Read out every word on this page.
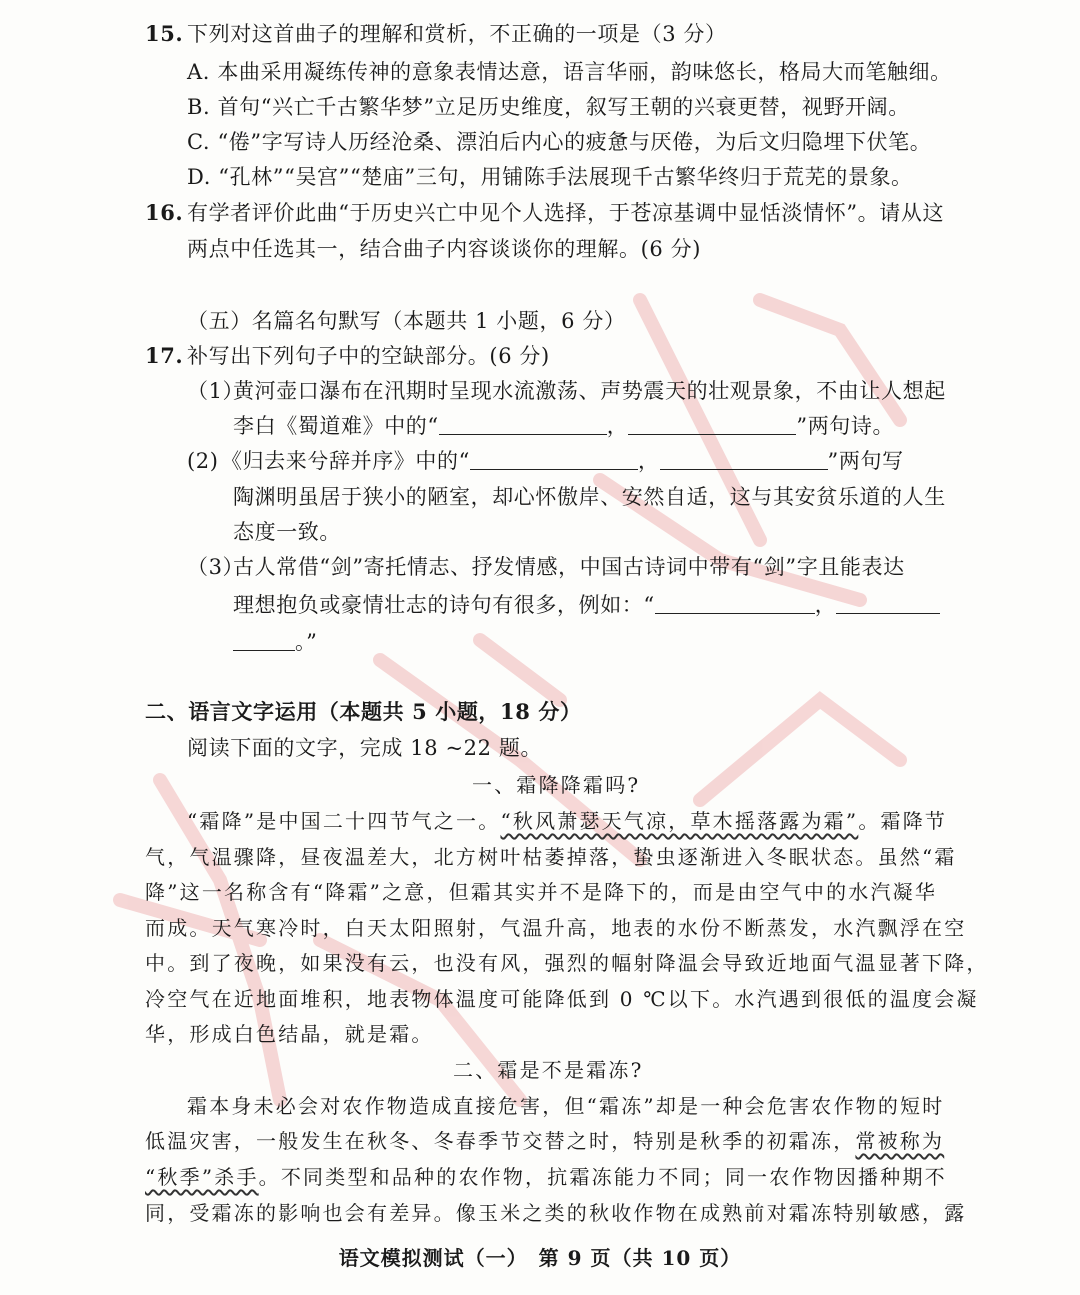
15. 下列对这首曲子的理解和赏析，不正确的一项是（3 分）
A. 本曲采用凝练传神的意象表情达意，语言华丽，韵味悠长，格局大而笔触细。
B. 首句“兴亡千古繁华梦”立足历史维度，叙写王朝的兴衰更替，视野开阔。
C. “倦”字写诗人历经沧桑、漂泊后内心的疲惫与厌倦，为后文归隐埋下伏笔。
D. “孔林”“吴宫”“楚庙”三句，用铺陈手法展现千古繁华终归于荒芜的景象。
16. 有学者评价此曲“于历史兴亡中见个人选择，于苍凉基调中显恬淡情怀”。请从这
两点中任选其一，结合曲子内容谈谈你的理解。(6 分)
（五）名篇名句默写（本题共 1 小题，6 分）
17. 补写出下列句子中的空缺部分。(6 分)
（1）
黄河壶口瀑布在汛期时呈现水流激荡、声势震天的壮观景象，不由让人想起
李白《蜀道难》中的“	，	”两句诗。
(2) 《归去来兮辞并序》中的“	，	”两句写
陶渊明虽居于狭小的陋室，却心怀傲岸、安然自适，这与其安贫乐道的人生
态度一致。
（3）
古人常借“剑”寄托情志、抒发情感，中国古诗词中带有“剑”字且能表达
理想抱负或豪情壮志的诗句有很多，例如：“	，
。”
二、语言文字运用（本题共 5 小题，18 分）
阅读下面的文字，完成 18 ~22 题。
一、霜降降霜吗?
“霜降”是中国二十四节气之一。“秋风萧瑟天气凉，草木摇落露为霜”。霜降节
气，气温骤降，昼夜温差大，北方树叶枯萎掉落，蛰虫逐渐进入冬眠状态。虽然“霜
降”这一名称含有“降霜”之意，但霜其实并不是降下的，而是由空气中的水汽凝华
而成。天气寒冷时，白天太阳照射，气温升高，地表的水份不断蒸发，水汽飘浮在空
中。到了夜晚，如果没有云，也没有风，强烈的幅射降温会导致近地面气温显著下降，
冷空气在近地面堆积，地表物体温度可能降低到 0 ℃以下。水汽遇到很低的温度会凝
华，形成白色结晶，就是霜。
二、霜是不是霜冻?
霜本身未必会对农作物造成直接危害，但“霜冻”却是一种会危害农作物的短时
低温灾害，一般发生在秋冬、冬春季节交替之时，特别是秋季的初霜冻，常被称为
“秋季”杀手。不同类型和品种的农作物，抗霜冻能力不同；同一农作物因播种期不
同，受霜冻的影响也会有差异。像玉米之类的秋收作物在成熟前对霜冻特别敏感，露
语文模拟测试（一）　第 9 页（共 10 页）
